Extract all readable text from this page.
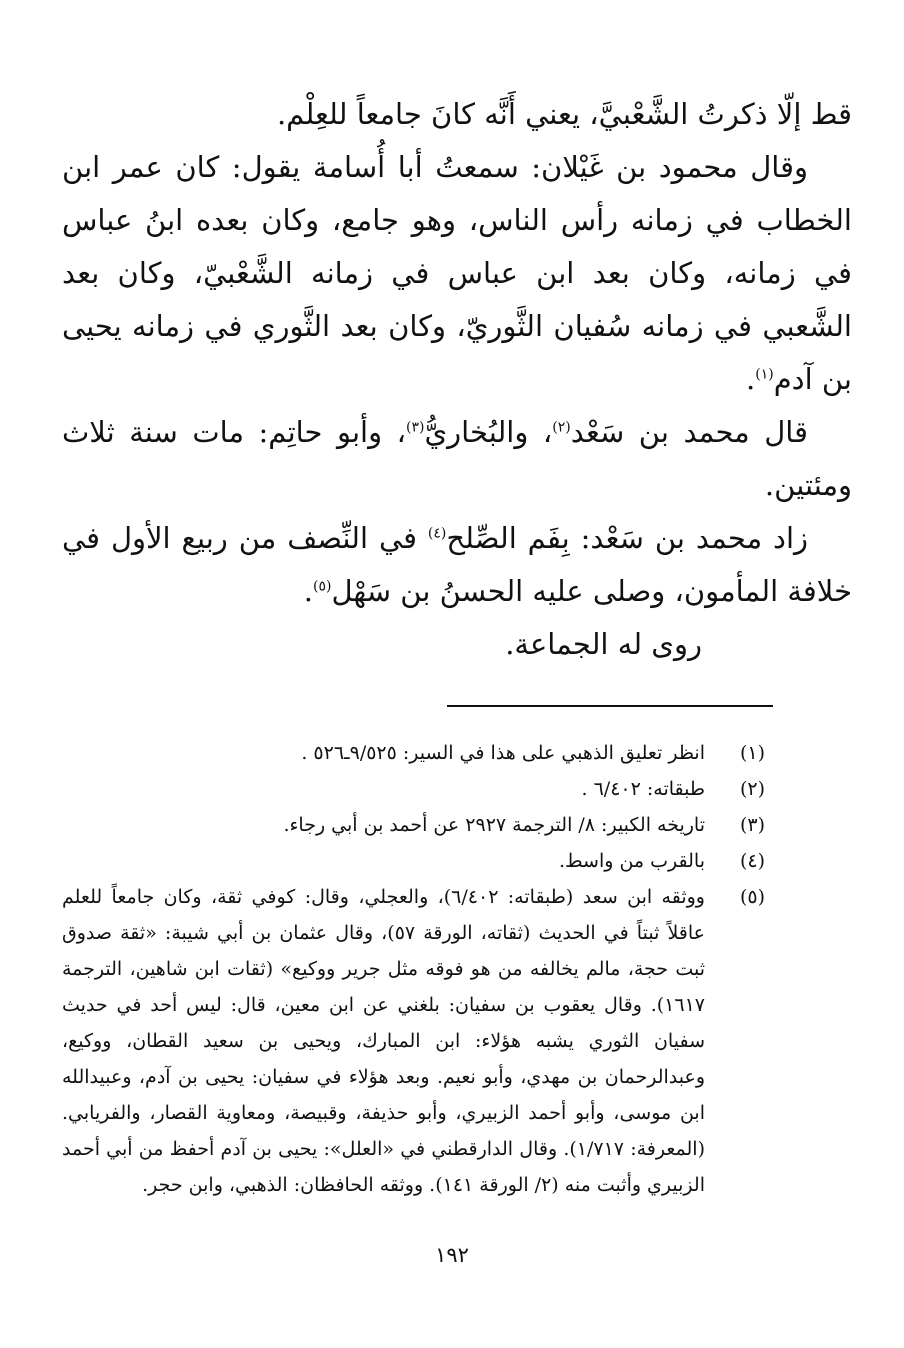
قط إلّا ذكرتُ الشَّعْبيَّ، يعني أَنَّه كانَ جامعاً للعِلْم.

وقال محمود بن غَيْلان: سمعتُ أبا أُسامة يقول: كان عمر ابن الخطاب في زمانه رأس الناس، وهو جامع، وكان بعده ابنُ عباس في زمانه، وكان بعد ابن عباس في زمانه الشَّعْبيّ، وكان بعد الشَّعبي في زمانه سُفيان الثَّوريّ، وكان بعد الثَّوري في زمانه يحيى بن آدم$^{(١)}$.

قال محمد بن سَعْد$^{(٢)}$، والبُخاريُّ$^{(٣)}$، وأبو حاتِم: مات سنة ثلاث ومئتين.

زاد محمد بن سَعْد: بِفَم الصِّلح$^{(٤)}$ في النِّصف من ربيع الأول في خلافة المأمون، وصلى عليه الحسنُ بن سَهْل$^{(٥)}$.

روى له الجماعة.

(١)
انظر تعليق الذهبي على هذا في السير: ٩/٥٢٥ـ٥٢٦ .
(٢)
طبقاته: ٦/٤٠٢ .
(٣)
تاريخه الكبير: ٨/ الترجمة ٢٩٢٧ عن أحمد بن أبي رجاء.
(٤)
بالقرب من واسط.
(٥)
ووثقه ابن سعد (طبقاته: ٦/٤٠٢)، والعجلي، وقال: كوفي ثقة، وكان جامعاً للعلم عاقلاً ثبتاً في الحديث (ثقاته، الورقة ٥٧)، وقال عثمان بن أبي شيبة: «ثقة صدوق ثبت حجة، مالم يخالفه من هو فوقه مثل جرير ووكيع» (ثقات ابن شاهين، الترجمة ١٦١٧). وقال يعقوب بن سفيان: بلغني عن ابن معين، قال: ليس أحد في حديث سفيان الثوري يشبه هؤلاء: ابن المبارك، ويحيى بن سعيد القطان، ووكيع، وعبدالرحمان بن مهدي، وأبو نعيم. وبعد هؤلاء في سفيان: يحيى بن آدم، وعبيدالله ابن موسى، وأبو أحمد الزبيري، وأبو حذيفة، وقبيصة، ومعاوية القصار، والفريابي. (المعرفة: ١/٧١٧). وقال الدارقطني في «العلل»: يحيى بن آدم أحفظ من أبي أحمد الزبيري وأثبت منه (٢/ الورقة ١٤١). ووثقه الحافظان: الذهبي، وابن حجر.
١٩٢
